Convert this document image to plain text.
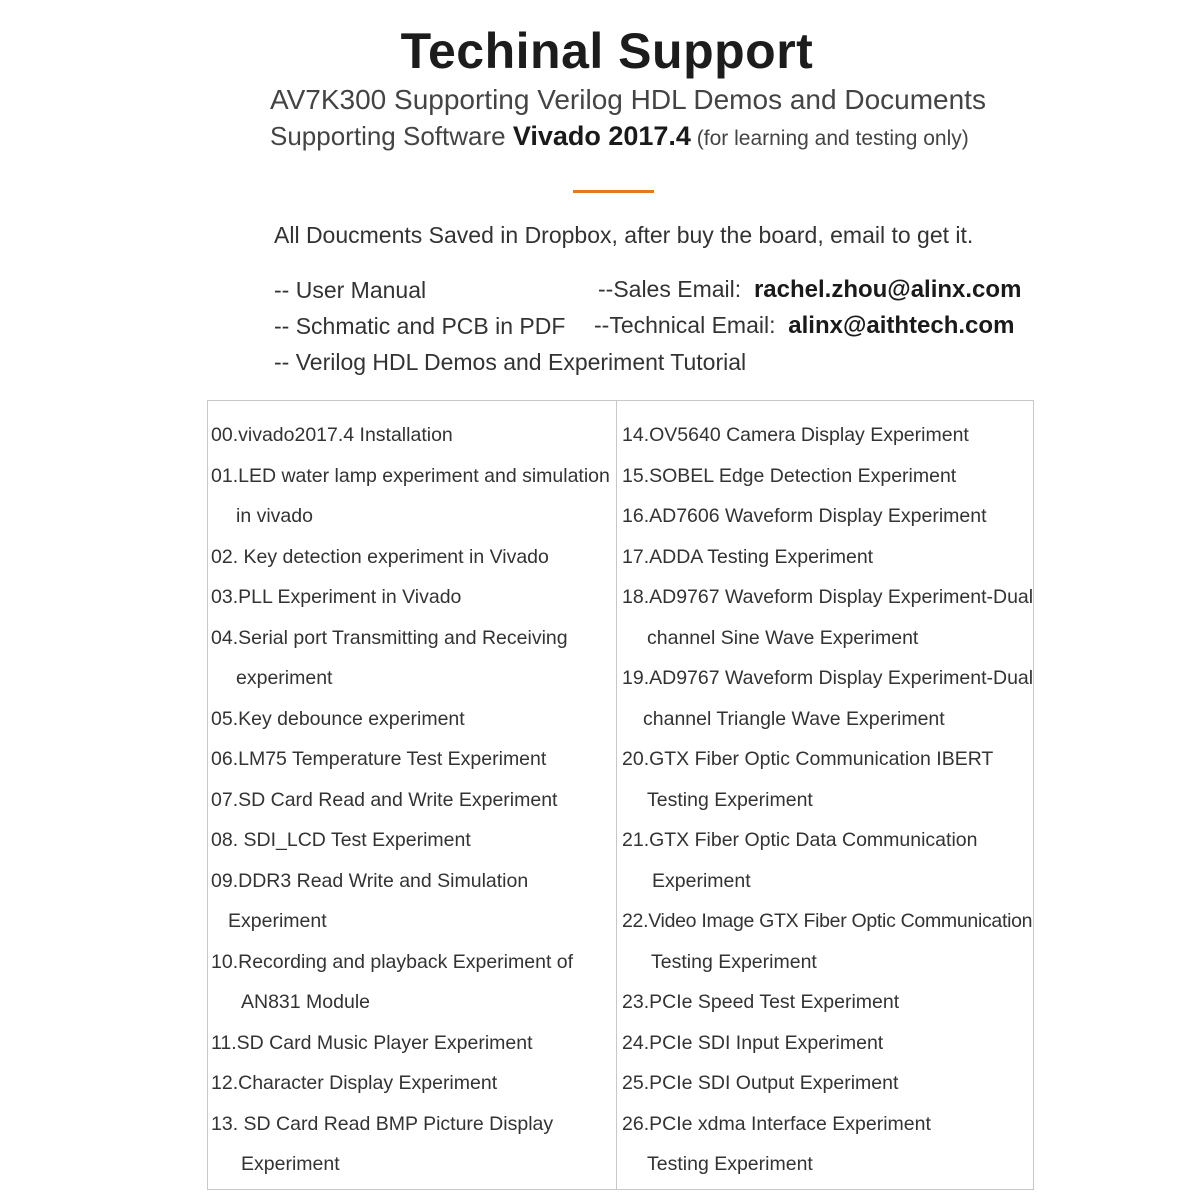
Techinal Support
AV7K300 Supporting Verilog HDL Demos and Documents
Supporting Software Vivado 2017.4 (for learning and testing only)
All Doucments Saved in Dropbox, after buy the board, email to get it.
-- User Manual
-- Schmatic and PCB in PDF
-- Verilog HDL Demos and Experiment Tutorial
--Sales Email: rachel.zhou@alinx.com
--Technical Email: alinx@aithtech.com
00.vivado2017.4 Installation
01.LED water lamp experiment and simulation
in vivado
02. Key detection experiment in Vivado
03.PLL Experiment in Vivado
04.Serial port Transmitting and Receiving
experiment
05.Key debounce experiment
06.LM75 Temperature Test Experiment
07.SD Card Read and Write Experiment
08. SDI_LCD Test Experiment
09.DDR3 Read Write and Simulation
Experiment
10.Recording and playback Experiment of
AN831 Module
11.SD Card Music Player Experiment
12.Character Display Experiment
13. SD Card Read BMP Picture Display
Experiment
14.OV5640 Camera Display Experiment
15.SOBEL Edge Detection Experiment
16.AD7606 Waveform Display Experiment
17.ADDA Testing Experiment
18.AD9767 Waveform Display Experiment-Dual
channel Sine Wave Experiment
19.AD9767 Waveform Display Experiment-Dual
channel Triangle Wave Experiment
20.GTX Fiber Optic Communication IBERT
Testing Experiment
21.GTX Fiber Optic Data Communication
Experiment
22.Video Image GTX Fiber Optic Communication
Testing Experiment
23.PCIe Speed Test Experiment
24.PCIe SDI Input Experiment
25.PCIe SDI Output Experiment
26.PCIe xdma Interface Experiment
Testing Experiment
